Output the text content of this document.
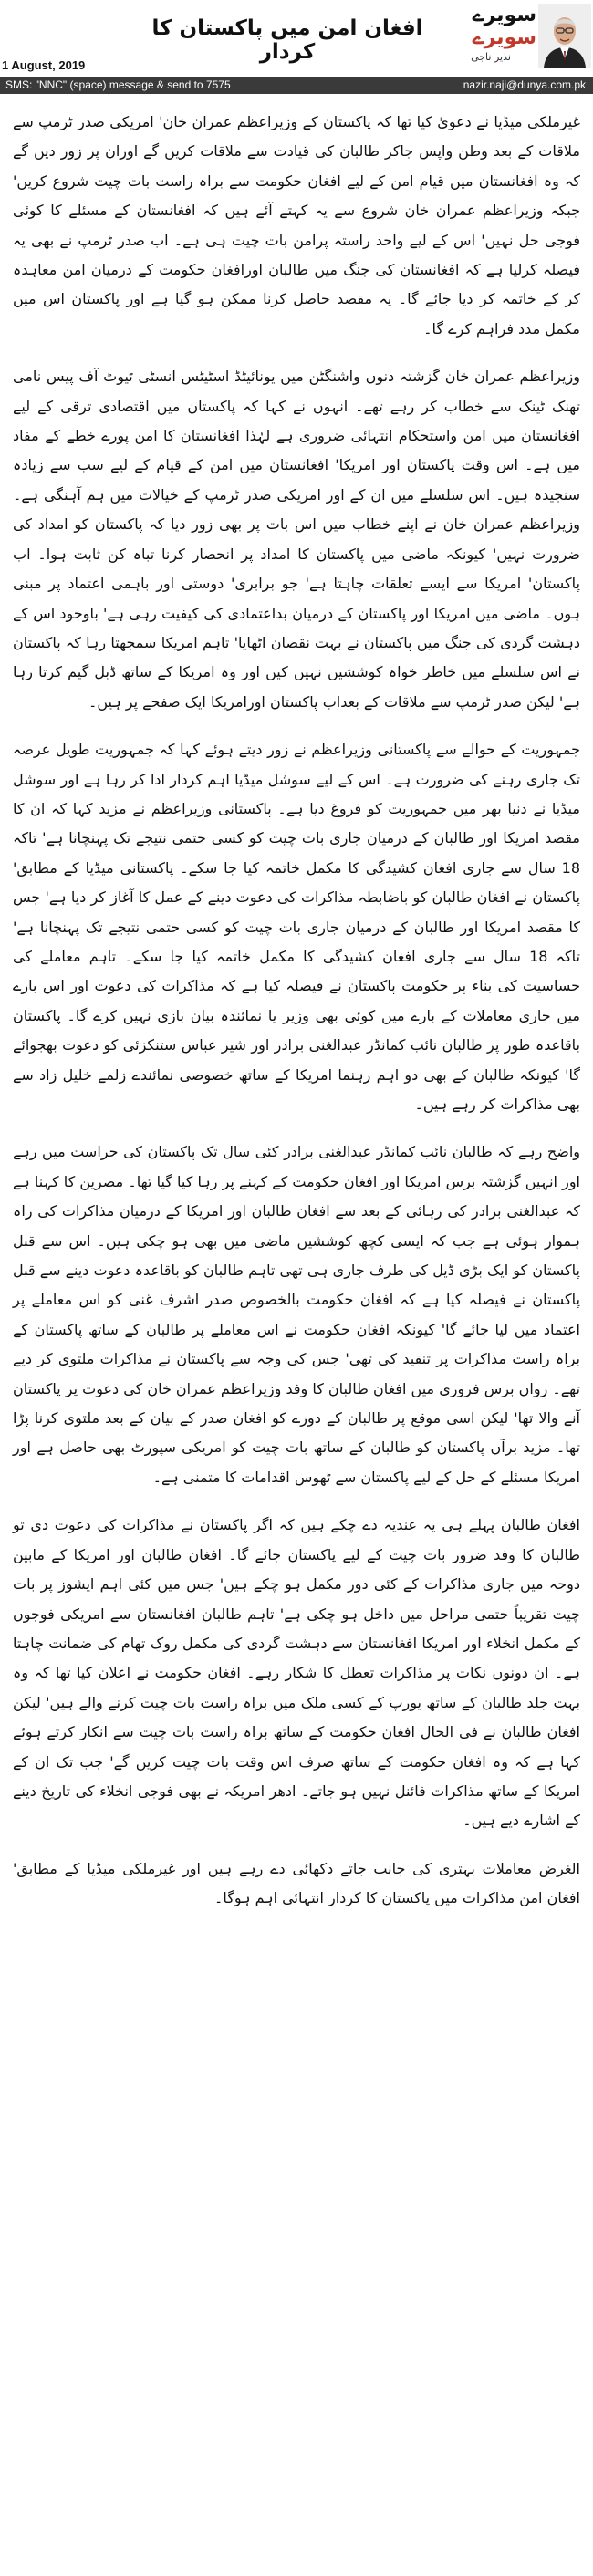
افغان امن میں پاکستان کا کردار
1 August, 2019
سویرے
سویرے
نذیر ناجی
SMS: "NNC" (space) message & send to 7575	nazir.naji@dunya.com.pk

غیرملکی میڈیا نے دعویٰ کیا تھا کہ پاکستان کے وزیراعظم عمران خان' امریکی صدر ٹرمپ سے ملاقات کے بعد وطن واپس جاکر طالبان کی قیادت سے ملاقات کریں گے اوران پر زور دیں گے کہ وہ افغانستان میں قیام امن کے لیے افغان حکومت سے براہ راست بات چیت شروع کریں' جبکہ وزیراعظم عمران خان شروع سے یہ کہتے آئے ہیں کہ افغانستان کے مسئلے کا کوئی فوجی حل نہیں' اس کے لیے واحد راستہ پرامن بات چیت ہی ہے۔ اب صدر ٹرمپ نے بھی یہ فیصلہ کرلیا ہے کہ افغانستان کی جنگ میں طالبان اورافغان حکومت کے درمیان امن معاہدہ کر کے خاتمہ کر دیا جائے گا۔ یہ مقصد حاصل کرنا ممکن ہو گیا ہے اور پاکستان اس میں مکمل مدد فراہم کرے گا۔

وزیراعظم عمران خان گزشتہ دنوں واشنگٹن میں یونائیٹڈ اسٹیٹس انسٹی ٹیوٹ آف پیس نامی تھنک ٹینک سے خطاب کر رہے تھے۔ انہوں نے کہا کہ پاکستان میں اقتصادی ترقی کے لیے افغانستان میں امن واستحکام انتہائی ضروری ہے لہٰذا افغانستان کا امن پورے خطے کے مفاد میں ہے۔ اس وقت پاکستان اور امریکا' افغانستان میں امن کے قیام کے لیے سب سے زیادہ سنجیدہ ہیں۔ اس سلسلے میں ان کے اور امریکی صدر ٹرمپ کے خیالات میں ہم آہنگی ہے۔ وزیراعظم عمران خان نے اپنے خطاب میں اس بات پر بھی زور دیا کہ پاکستان کو امداد کی ضرورت نہیں' کیونکہ ماضی میں پاکستان کا امداد پر انحصار کرنا تباہ کن ثابت ہوا۔ اب پاکستان' امریکا سے ایسے تعلقات چاہتا ہے' جو برابری' دوستی اور باہمی اعتماد پر مبنی ہوں۔ ماضی میں امریکا اور پاکستان کے درمیان بداعتمادی کی کیفیت رہی ہے' باوجود اس کے دہشت گردی کی جنگ میں پاکستان نے بہت نقصان اٹھایا' تاہم امریکا سمجھتا رہا کہ پاکستان نے اس سلسلے میں خاطر خواہ کوششیں نہیں کیں اور وہ امریکا کے ساتھ ڈبل گیم کرتا رہا ہے' لیکن صدر ٹرمپ سے ملاقات کے بعداب پاکستان اورامریکا ایک صفحے پر ہیں۔

جمہوریت کے حوالے سے پاکستانی وزیراعظم نے زور دیتے ہوئے کہا کہ جمہوریت طویل عرصہ تک جاری رہنے کی ضرورت ہے۔ اس کے لیے سوشل میڈیا اہم کردار ادا کر رہا ہے اور سوشل میڈیا نے دنیا بھر میں جمہوریت کو فروغ دیا ہے۔ پاکستانی وزیراعظم نے مزید کہا کہ ان کا مقصد امریکا اور طالبان کے درمیان جاری بات چیت کو کسی حتمی نتیجے تک پہنچانا ہے' تاکہ 18 سال سے جاری افغان کشیدگی کا مکمل خاتمہ کیا جا سکے۔ پاکستانی میڈیا کے مطابق' پاکستان نے افغان طالبان کو باضابطہ مذاکرات کی دعوت دینے کے عمل کا آغاز کر دیا ہے' جس کا مقصد امریکا اور طالبان کے درمیان جاری بات چیت کو کسی حتمی نتیجے تک پہنچانا ہے' تاکہ 18 سال سے جاری افغان کشیدگی کا مکمل خاتمہ کیا جا سکے۔ تاہم معاملے کی حساسیت کی بناء پر حکومت پاکستان نے فیصلہ کیا ہے کہ مذاکرات کی دعوت اور اس بارے میں جاری معاملات کے بارے میں کوئی بھی وزیر یا نمائندہ بیان بازی نہیں کرے گا۔ پاکستان باقاعدہ طور پر طالبان نائب کمانڈر عبدالغنی برادر اور شیر عباس ستنکزئی کو دعوت بھجوائے گا' کیونکہ طالبان کے بھی دو اہم رہنما امریکا کے ساتھ خصوصی نمائندے زلمے خلیل زاد سے بھی مذاکرات کر رہے ہیں۔

واضح رہے کہ طالبان نائب کمانڈر عبدالغنی برادر کئی سال تک پاکستان کی حراست میں رہے اور انہیں گزشتہ برس امریکا اور افغان حکومت کے کہنے پر رہا کیا گیا تھا۔ مصرین کا کہنا ہے کہ عبدالغنی برادر کی رہائی کے بعد سے افغان طالبان اور امریکا کے درمیان مذاکرات کی راہ ہموار ہوئی ہے جب کہ ایسی کچھ کوششیں ماضی میں بھی ہو چکی ہیں۔ اس سے قبل پاکستان کو ایک بڑی ڈیل کی طرف جاری ہی تھی تاہم طالبان کو باقاعدہ دعوت دینے سے قبل پاکستان نے فیصلہ کیا ہے کہ افغان حکومت بالخصوص صدر اشرف غنی کو اس معاملے پر اعتماد میں لیا جائے گا' کیونکہ افغان حکومت نے اس معاملے پر طالبان کے ساتھ پاکستان کے براہ راست مذاکرات پر تنقید کی تھی' جس کی وجہ سے پاکستان نے مذاکرات ملتوی کر دیے تھے۔ رواں برس فروری میں افغان طالبان کا وفد وزیراعظم عمران خان کی دعوت پر پاکستان آنے والا تھا' لیکن اسی موقع پر طالبان کے دورے کو افغان صدر کے بیان کے بعد ملتوی کرنا پڑا تھا۔ مزید برآں پاکستان کو طالبان کے ساتھ بات چیت کو امریکی سپورٹ بھی حاصل ہے اور امریکا مسئلے کے حل کے لیے پاکستان سے ٹھوس اقدامات کا متمنی ہے۔

افغان طالبان پہلے ہی یہ عندیہ دے چکے ہیں کہ اگر پاکستان نے مذاکرات کی دعوت دی تو طالبان کا وفد ضرور بات چیت کے لیے پاکستان جائے گا۔ افغان طالبان اور امریکا کے مابین دوحہ میں جاری مذاکرات کے کئی دور مکمل ہو چکے ہیں' جس میں کئی اہم ایشوز پر بات چیت تقریباً حتمی مراحل میں داخل ہو چکی ہے' تاہم طالبان افغانستان سے امریکی فوجوں کے مکمل انخلاء اور امریکا افغانستان سے دہشت گردی کی مکمل روک تھام کی ضمانت چاہتا ہے۔ ان دونوں نکات پر مذاکرات تعطل کا شکار رہے۔ افغان حکومت نے اعلان کیا تھا کہ وہ بہت جلد طالبان کے ساتھ یورپ کے کسی ملک میں براہ راست بات چیت کرنے والے ہیں' لیکن افغان طالبان نے فی الحال افغان حکومت کے ساتھ براہ راست بات چیت سے انکار کرتے ہوئے کہا ہے کہ وہ افغان حکومت کے ساتھ صرف اس وقت بات چیت کریں گے' جب تک ان کے امریکا کے ساتھ مذاکرات فائنل نہیں ہو جاتے۔ ادھر امریکہ نے بھی فوجی انخلاء کی تاریخ دینے کے اشارے دیے ہیں۔

الغرض معاملات بہتری کی جانب جاتے دکھائی دے رہے ہیں اور غیرملکی میڈیا کے مطابق' افغان امن مذاکرات میں پاکستان کا کردار انتہائی اہم ہوگا۔
